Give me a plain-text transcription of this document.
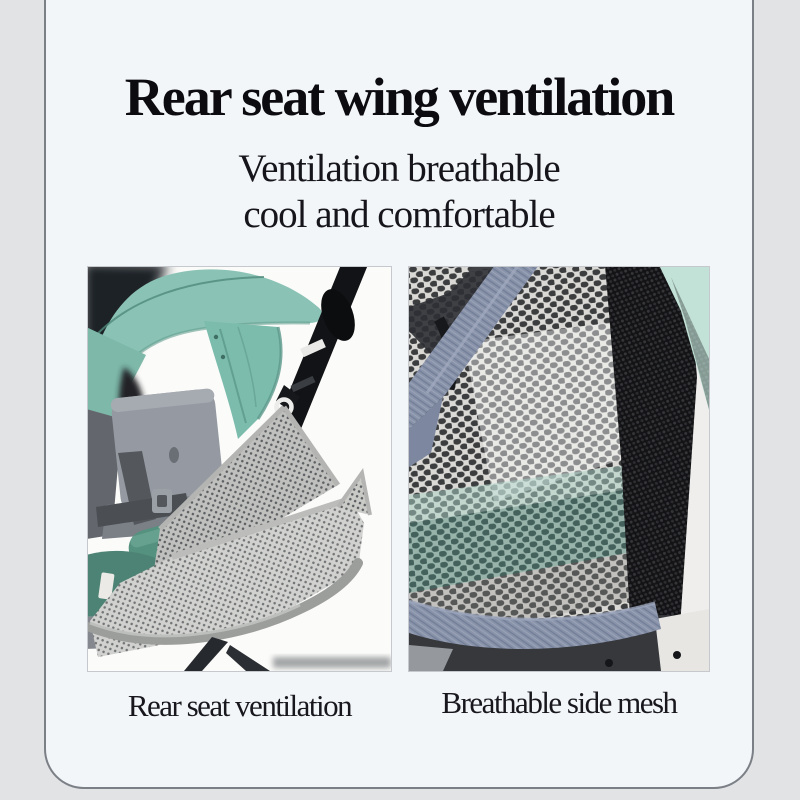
Rear seat wing ventilation
Ventilation breathable
cool and comfortable
Rear seat ventilation	Breathable side mesh
